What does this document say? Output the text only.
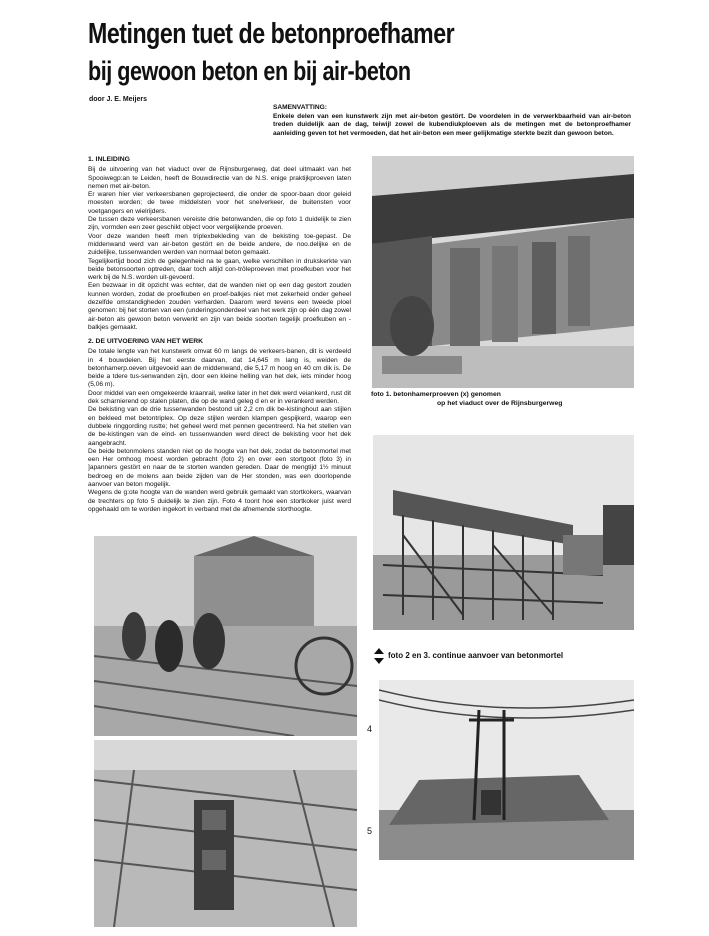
Metingen tuet de betonproefhamer
bij gewoon beton en bij air-beton
door J. E. Meijers
SAMENVATTING:
Enkele delen van een kunstwerk zijn met air-beton gestört. De voordelen in de verwerkbaarheid van air-beton treden duidelijk aan de dag, teiwijl zowel de kubendiukploeven als de metingen met de betonproefhamer aanleiding geven tot het vermoeden, dat het air-beton een meer gelijkmatige sterkte bezit dan gewoon beton.
1. INLEIDING

Bij de uitvoering van het viaduct over de Rijnsburgerweg, dat deel uitmaakt van het Spooiwegp:an te Leiden, heeft de Bouwdirectie van de N.S. enige praktijkproeven laten nemen met air-beton.

Er waren hier vier verkeersbanen geprojecteerd, die onder de spoor-baan door geleid moesten worden; de twee middelsten voor het snelverkeer, de buitensten voor voetgangers en wielrijders.

De tussen deze verkeersbanen vereiste drie betonwanden, die op foto 1 duidelijk te zien zijn, vormden een zeer geschikt object voor vergelijkende proeven.

Voor deze wanden heeft men triplexbekleding van de bekisting toe-gepast. De middenwand werd van air-beton gestört en de beide andere, de noo.delijke en de zuidelijke, tussenwanden werden van normaal beton gemaakt.

Tegelijkertijd bood zich de gelegenheid na te gaan, welke verschillen in drukskerkte van beide betonsoorten optreden, daar toch altijd con-trôleproeven met proefkuben voor het werk bij de N.S. worden uit-gevoerd.

Een bezwaar in dit opzicht was echter, dat de wanden niet op een dag gestort zouden kunnen worden, zodat de proefkuben en proef-balkjes niet met zekerheid onder geheel dezelfde omstandigheden zouden verharden. Daarom werd tevens een tweede ploel genomen: bij het storten van een (underingsonderdeel van het werk zijn op één dag zowel air-beton als gewoon beton verwerkt en zijn van beide soorten tegelijk proefkuben en -balkjes gemaakt.

2. DE UITVOERING VAN HET WERK

De totale lengte van het kunstwerk omvat 60 m langs de verkeers-banen, dit is verdeeld in 4 bouwdeien. Bij het eerste daarvan, dat 14,645 m lang is, weiden de betonhamerp.oeven uitgevoeid aan de middenwand, die 5,17 m hoog en 40 cm dik is. De beide a tdere tus-senwanden zijn, door een kleine helling van het dek, iets minder hoog (5,06 m).

Door middel van een omgekeerde kraanrail, welke later in het dek werd veiankerd, rust dit dek scharnierend op stalen platen, die op de wand geleg d en er in verankerd werden.

De bekisting van de drie tussenwanden bestond uit 2,2 cm dik be-kistinghout aan stijlen en bekleed met betontriplex. Op deze stijlen werden klampen gespijkerd, waarop een dubbele ringgording rustte; het geheel werd met pennen gecentreerd. Na het stellen van de be-kistingen van de eind- en tussenwanden werd direct de bekisting voor het dek aangebracht.

De beide betonmolens standen niet op de hoogte van het dek, zodat de betonmortel met een Her omhoog moest worden gebracht (foto 2) en over een stortgoot (foto 3) in ]apanners gestört en naar de te storten wanden gereden. Daar de mengtijd 1½ minuut bedroeg en de molens aan beide zijden van de Her stonden, was een doorlopende aanvoer van beton mogelijk.

Wegens de g:ote hoogte van de wanden werd gebruik gemaakt van stortkokers, waarvan de trechters op foto 5 duidelijk te zien zijn. Foto 4 toont hoe een stortkoker juist werd opgehaald om te worden ingekort in verband met de afnemende storthoogte.

foto 1. betonhamerproeven (x) genomen
op het viaduct over de Rijnsburgerweg
foto 2 en 3. continue aanvoer van betonmortel
4
5
